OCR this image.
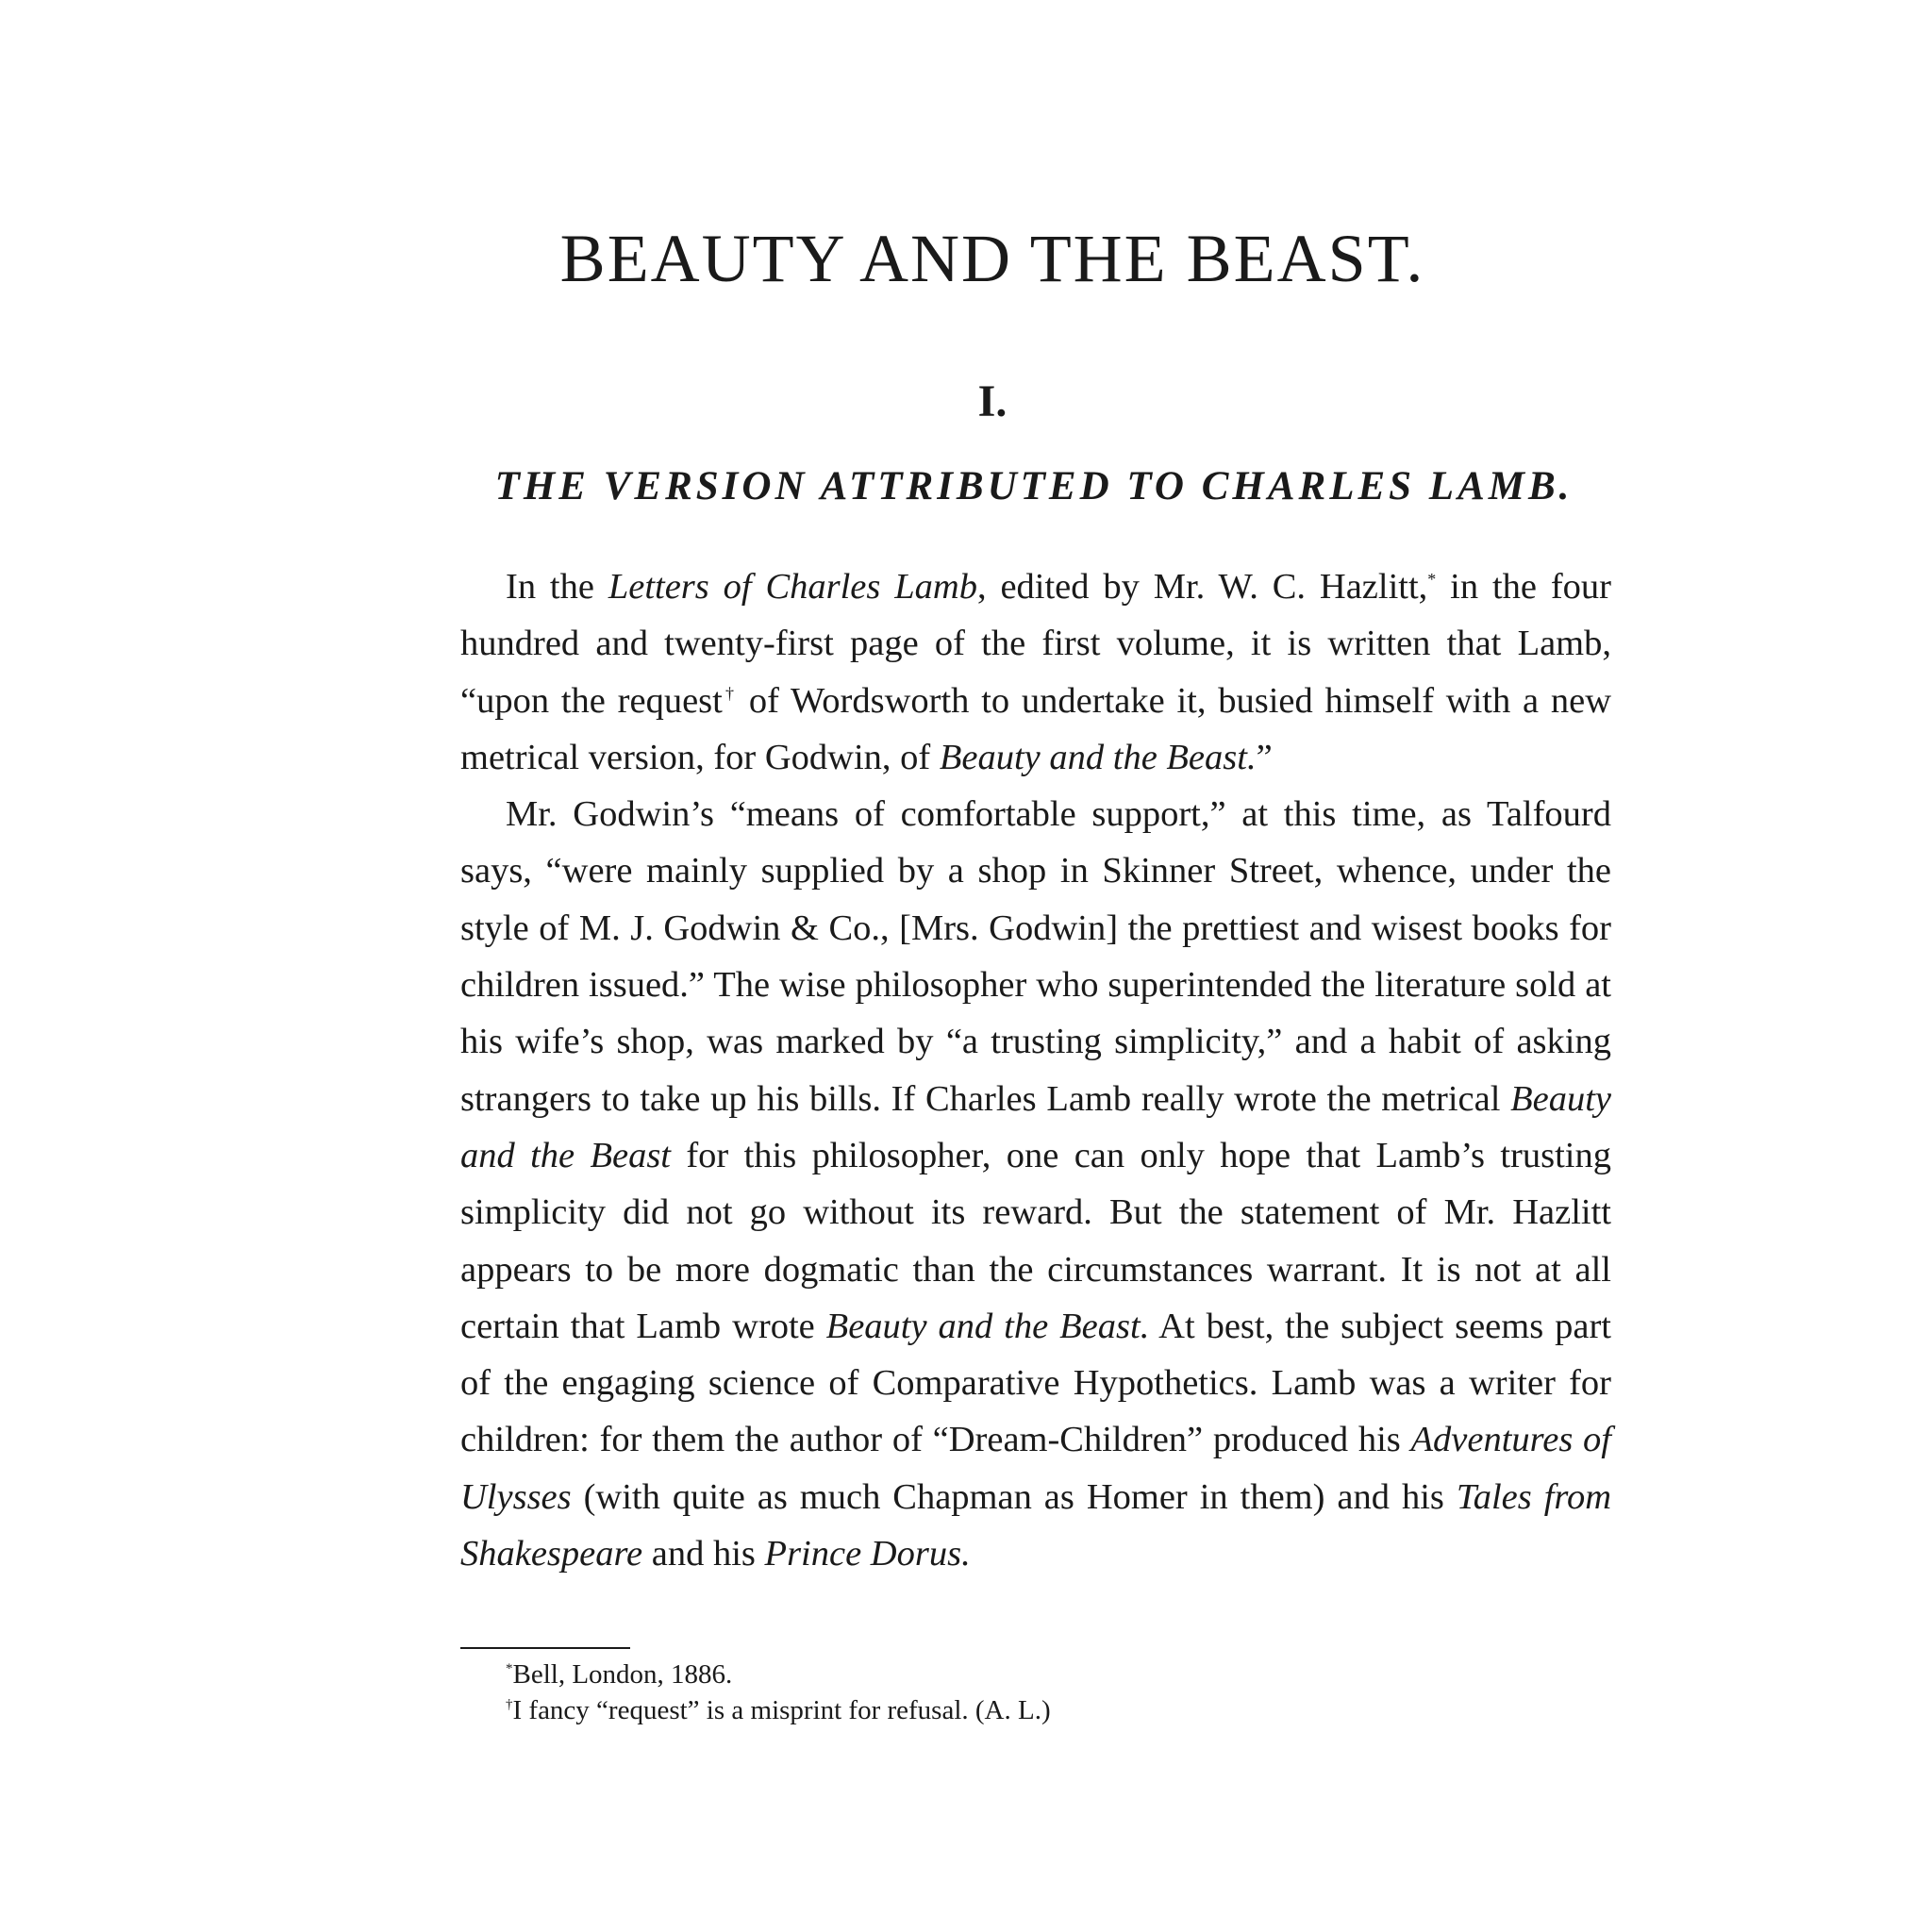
BEAUTY AND THE BEAST.
I.
THE VERSION ATTRIBUTED TO CHARLES LAMB.

In the Letters of Charles Lamb, edited by Mr. W. C. Hazlitt,* in the four hundred and twenty-first page of the first volume, it is written that Lamb, “upon the request† of Wordsworth to undertake it, busied himself with a new metrical version, for Godwin, of Beauty and the Beast.”

Mr. Godwin’s “means of comfortable support,” at this time, as Talfourd says, “were mainly supplied by a shop in Skinner Street, whence, under the style of M. J. Godwin & Co., [Mrs. Godwin] the prettiest and wisest books for children issued.” The wise philosopher who superintended the literature sold at his wife’s shop, was marked by “a trusting simplicity,” and a habit of asking strangers to take up his bills. If Charles Lamb really wrote the metrical Beauty and the Beast for this philosopher, one can only hope that Lamb’s trusting simplicity did not go without its reward. But the statement of Mr. Hazlitt appears to be more dogmatic than the circumstances warrant. It is not at all certain that Lamb wrote Beauty and the Beast. At best, the subject seems part of the engaging science of Comparative Hypothetics. Lamb was a writer for children: for them the author of “Dream-Children” produced his Adventures of Ulysses (with quite as much Chapman as Homer in them) and his Tales from Shakespeare and his Prince Dorus.

*Bell, London, 1886.

†I fancy “request” is a misprint for refusal. (A. L.)
